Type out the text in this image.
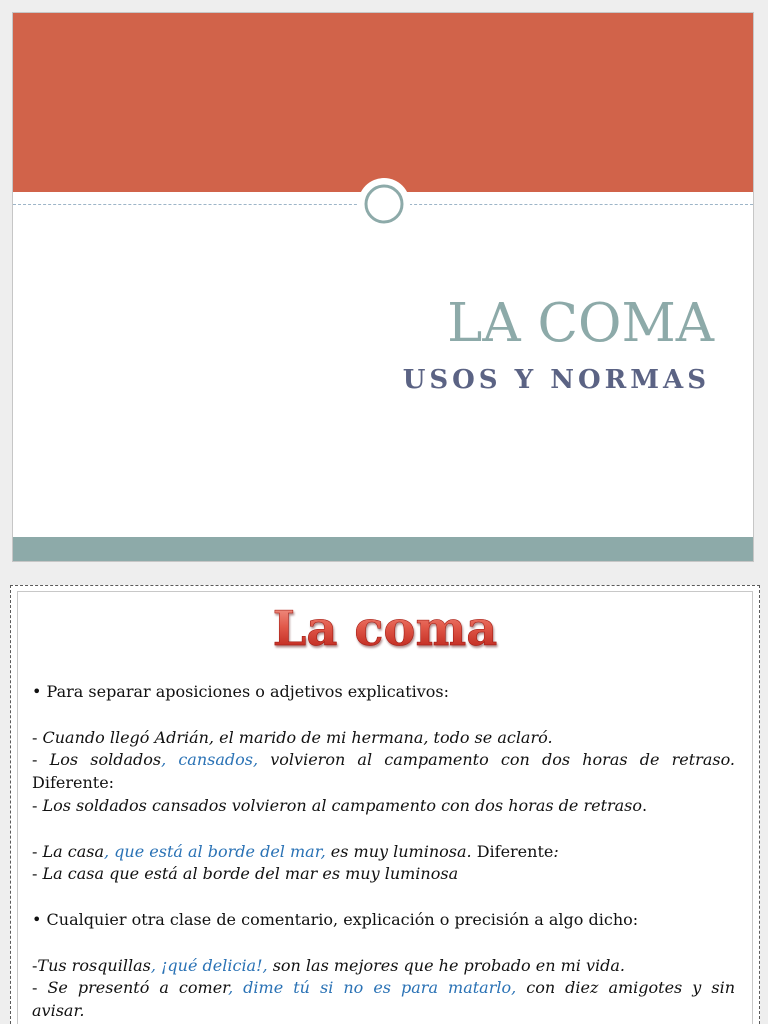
LA COMA
USOS Y NORMAS
La coma
• Para separar aposiciones o adjetivos explicativos:
- Cuando llegó Adrián, el marido de mi hermana, todo se aclaró.
- Los soldados, cansados, volvieron al campamento con dos horas de retraso.
Diferente:
- Los soldados cansados volvieron al campamento con dos horas de retraso.
- La casa, que está al borde del mar, es muy luminosa. Diferente:
- La casa que está al borde del mar es muy luminosa
• Cualquier otra clase de comentario, explicación o precisión a algo dicho:
-Tus rosquillas, ¡qué delicia!, son las mejores que he probado en mi vida.
- Se presentó a comer, dime tú si no es para matarlo, con diez amigotes y sin
avisar.
